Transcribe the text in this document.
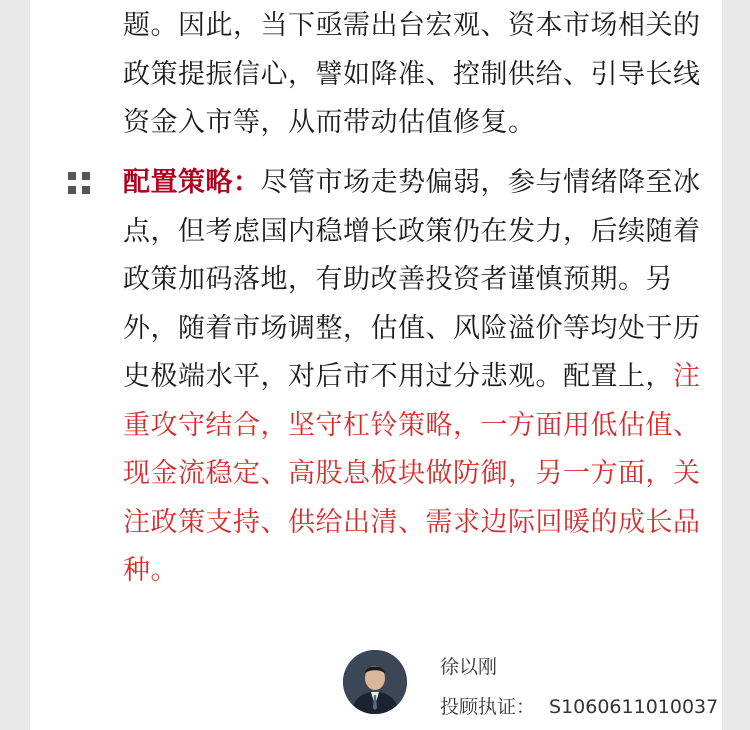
题。因此，当下亟需出台宏观、资本市场相关的政策提振信心，譬如降准、控制供给、引导长线资金入市等，从而带动估值修复。
配置策略：尽管市场走势偏弱，参与情绪降至冰点，但考虑国内稳增长政策仍在发力，后续随着政策加码落地，有助改善投资者谨慎预期。另外，随着市场调整，估值、风险溢价等均处于历史极端水平，对后市不用过分悲观。配置上，注重攻守结合，坚守杠铃策略，一方面用低估值、现金流稳定、高股息板块做防御，另一方面，关注政策支持、供给出清、需求边际回暖的成长品种。
徐以刚
投顾执证： S1060611010037
